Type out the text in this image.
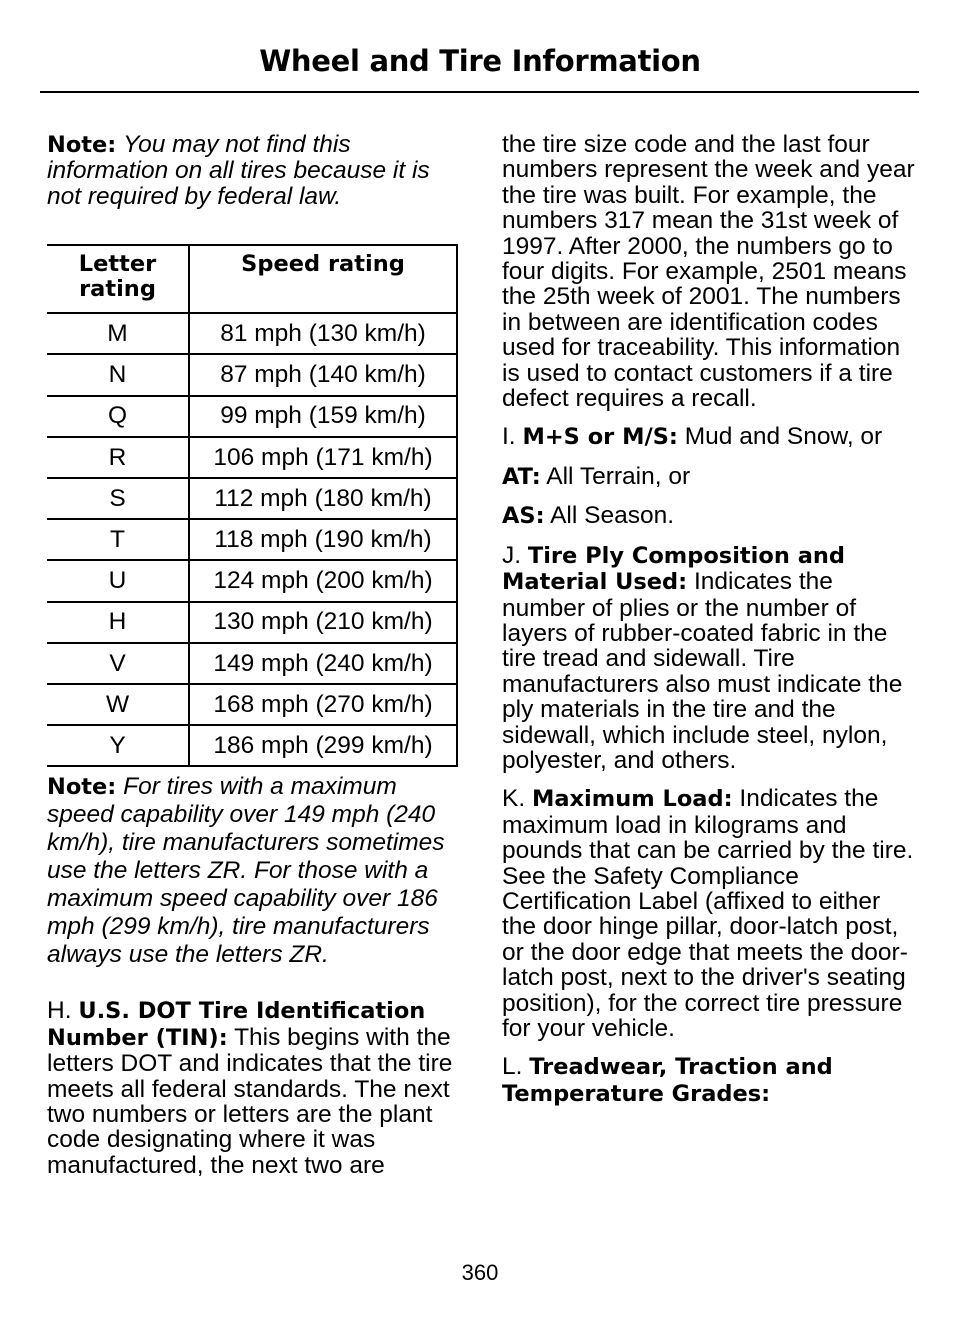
Wheel and Tire Information

Note: You may not find this information on all tires because it is not required by federal law.

Letter rating	Speed rating
M	81 mph (130 km/h)
N	87 mph (140 km/h)
Q	99 mph (159 km/h)
R	106 mph (171 km/h)
S	112 mph (180 km/h)
T	118 mph (190 km/h)
U	124 mph (200 km/h)
H	130 mph (210 km/h)
V	149 mph (240 km/h)
W	168 mph (270 km/h)
Y	186 mph (299 km/h)

Note: For tires with a maximum speed capability over 149 mph (240 km/h), tire manufacturers sometimes use the letters ZR. For those with a maximum speed capability over 186 mph (299 km/h), tire manufacturers always use the letters ZR.

H. U.S. DOT Tire Identification Number (TIN): This begins with the letters DOT and indicates that the tire meets all federal standards. The next two numbers or letters are the plant code designating where it was manufactured, the next two are

the tire size code and the last four numbers represent the week and year the tire was built. For example, the numbers 317 mean the 31st week of 1997. After 2000, the numbers go to four digits. For example, 2501 means the 25th week of 2001. The numbers in between are identification codes used for traceability. This information is used to contact customers if a tire defect requires a recall.

I. M+S or M/S: Mud and Snow, or

AT: All Terrain, or

AS: All Season.

J. Tire Ply Composition and Material Used: Indicates the number of plies or the number of layers of rubber-coated fabric in the tire tread and sidewall. Tire manufacturers also must indicate the ply materials in the tire and the sidewall, which include steel, nylon, polyester, and others.

K. Maximum Load: Indicates the maximum load in kilograms and pounds that can be carried by the tire. See the Safety Compliance Certification Label (affixed to either the door hinge pillar, door-latch post, or the door edge that meets the door-latch post, next to the driver's seating position), for the correct tire pressure for your vehicle.

L. Treadwear, Traction and Temperature Grades:

360
